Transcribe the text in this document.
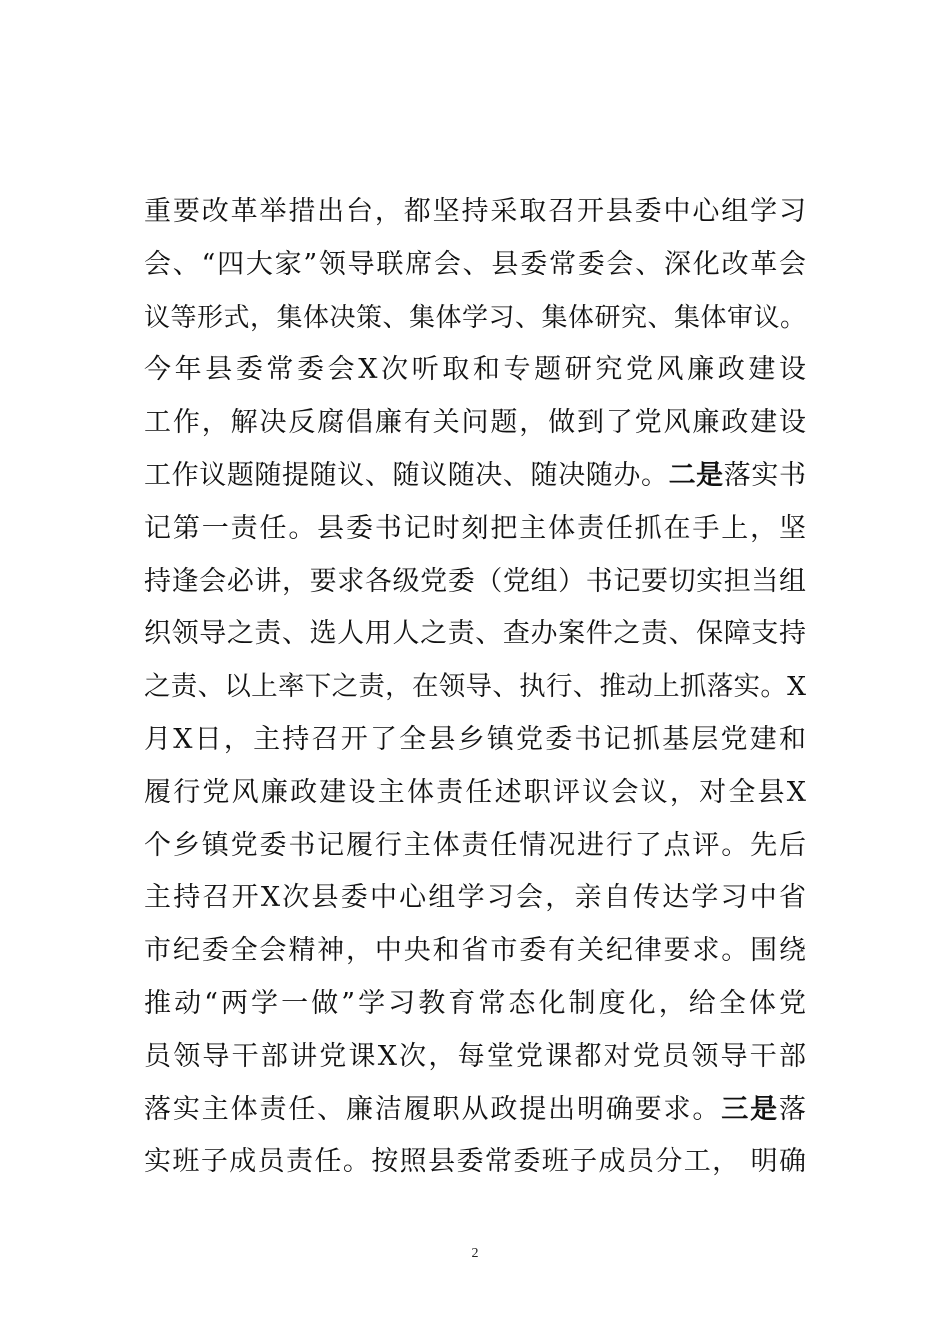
重要改革举措出台，都坚持采取召开县委中心组学习
会、“四大家”领导联席会、县委常委会、深化改革会
议等形式，集体决策、集体学习、集体研究、集体审议。
今年县委常委会X次听取和专题研究党风廉政建设
工作，解决反腐倡廉有关问题，做到了党风廉政建设
工作议题随提随议、随议随决、随决随办。二是落实书
记第一责任。县委书记时刻把主体责任抓在手上，坚
持逢会必讲，要求各级党委（党组）书记要切实担当组
织领导之责、选人用人之责、查办案件之责、保障支持
之责、以上率下之责，在领导、执行、推动上抓落实。X
月X日，主持召开了全县乡镇党委书记抓基层党建和
履行党风廉政建设主体责任述职评议会议，对全县X
个乡镇党委书记履行主体责任情况进行了点评。先后
主持召开X次县委中心组学习会，亲自传达学习中省
市纪委全会精神，中央和省市委有关纪律要求。围绕
推动“两学一做”学习教育常态化制度化，给全体党
员领导干部讲党课X次，每堂党课都对党员领导干部
落实主体责任、廉洁履职从政提出明确要求。三是落
实班子成员责任。按照县委常委班子成员分工， 明确
2
